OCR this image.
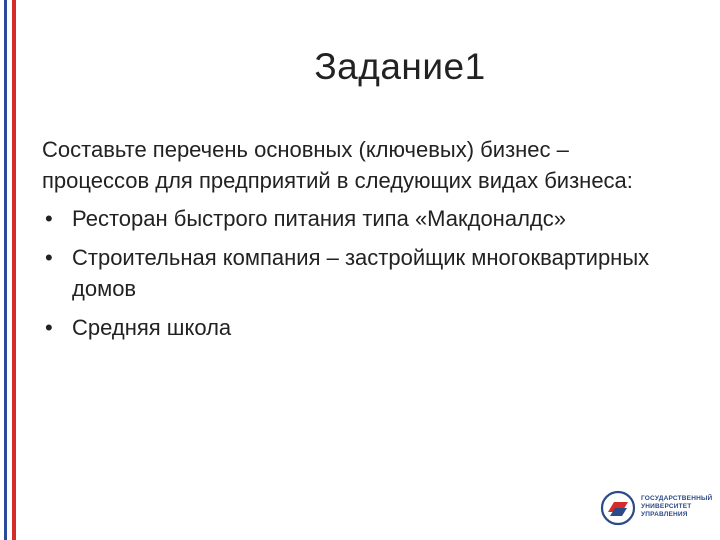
Задание1

Составьте перечень основных (ключевых) бизнес – процессов для предприятий в следующих видах бизнеса:

• Ресторан быстрого питания типа «Макдоналдс»
• Строительная компания – застройщик многоквартирных домов
• Средняя школа
ГОСУДАРСТВЕННЫЙ
УНИВЕРСИТЕТ
УПРАВЛЕНИЯ
